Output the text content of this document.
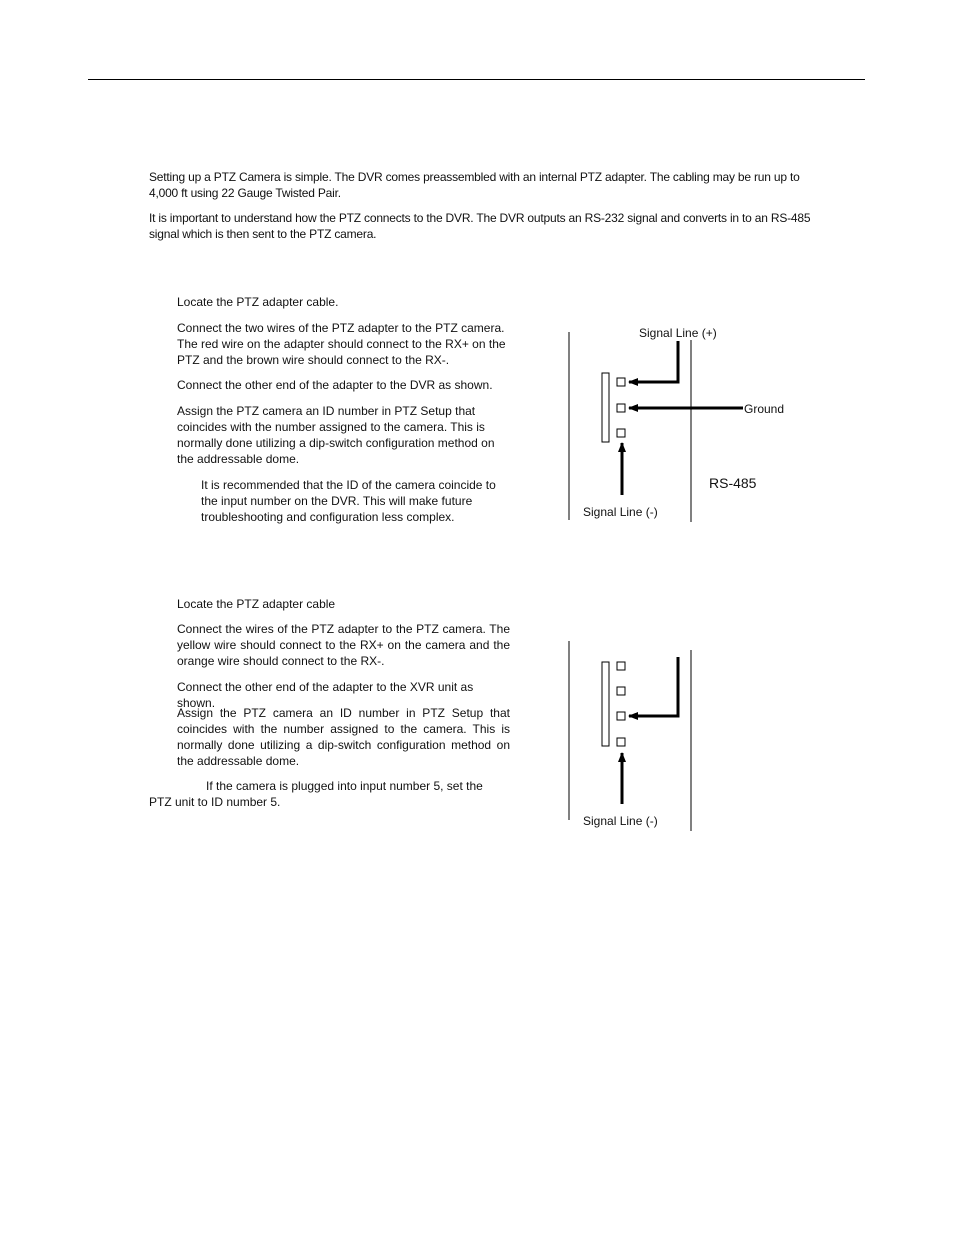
Setting up a PTZ Camera is simple. The DVR comes preassembled with an internal PTZ adapter. The cabling may be run up to 4,000 ft using 22 Gauge Twisted Pair.

It is important to understand how the PTZ connects to the DVR. The DVR outputs an RS-232 signal and converts in to an RS-485 signal which is then sent to the PTZ camera.

Locate the PTZ adapter cable.

Connect the two wires of the PTZ adapter to the PTZ camera. The red wire on the adapter should connect to the RX+ on the PTZ and the brown wire should connect to the RX-.

Connect the other end of the adapter to the DVR as shown.

Assign the PTZ camera an ID number in PTZ Setup that coincides with the number assigned to the camera. This is normally done utilizing a dip-switch configuration method on the addressable dome.

It is recommended that the ID of the camera coincide to the input number on the DVR. This will make future troubleshooting and configuration less complex.

Signal Line (+)
Ground
RS-485
Signal Line (-)

Locate the PTZ adapter cable

Connect the wires of the PTZ adapter to the PTZ camera. The yellow wire should connect to the RX+ on the camera and the orange wire should connect to the RX-.

Connect the other end of the adapter to the XVR unit as shown.

Assign the PTZ camera an ID number in PTZ Setup that coincides with the number assigned to the camera. This is normally done utilizing a dip-switch configuration method on the addressable dome.

If the camera is plugged into input number 5, set the PTZ unit to ID number 5.

Signal Line (-)
